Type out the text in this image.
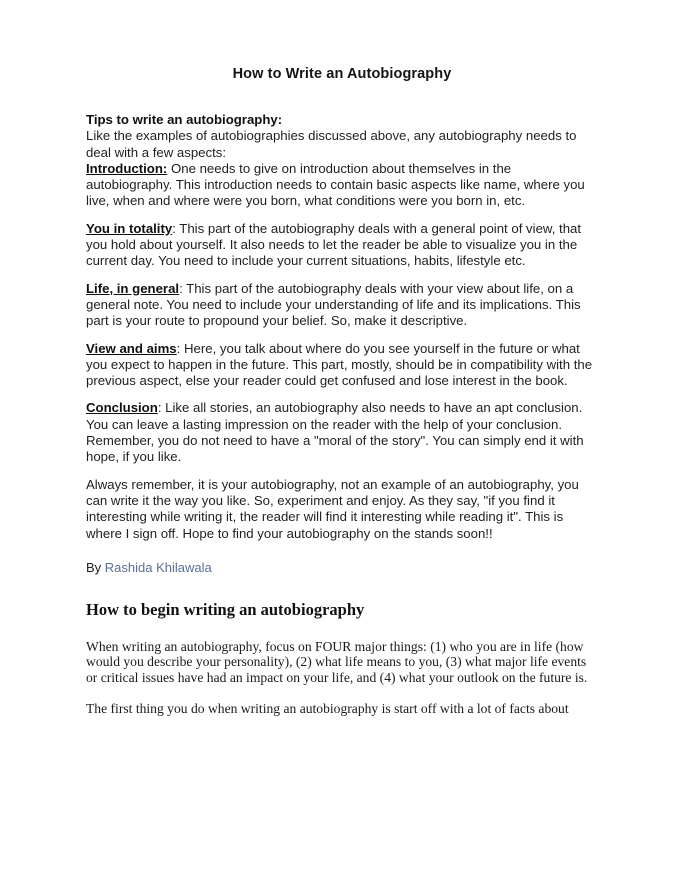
How to Write an Autobiography

Tips to write an autobiography:

Like the examples of autobiographies discussed above, any autobiography needs to deal with a few aspects:

Introduction: One needs to give on introduction about themselves in the autobiography. This introduction needs to contain basic aspects like name, where you live, when and where were you born, what conditions were you born in, etc.

You in totality: This part of the autobiography deals with a general point of view, that you hold about yourself. It also needs to let the reader be able to visualize you in the current day. You need to include your current situations, habits, lifestyle etc.

Life, in general: This part of the autobiography deals with your view about life, on a general note. You need to include your understanding of life and its implications. This part is your route to propound your belief. So, make it descriptive.

View and aims: Here, you talk about where do you see yourself in the future or what you expect to happen in the future. This part, mostly, should be in compatibility with the previous aspect, else your reader could get confused and lose interest in the book.

Conclusion: Like all stories, an autobiography also needs to have an apt conclusion. You can leave a lasting impression on the reader with the help of your conclusion. Remember, you do not need to have a "moral of the story". You can simply end it with hope, if you like.

Always remember, it is your autobiography, not an example of an autobiography, you can write it the way you like. So, experiment and enjoy. As they say, "if you find it interesting while writing it, the reader will find it interesting while reading it". This is where I sign off. Hope to find your autobiography on the stands soon!!

By Rashida Khilawala

How to begin writing an autobiography

When writing an autobiography, focus on FOUR major things: (1) who you are in life (how would you describe your personality), (2) what life means to you, (3) what major life events or critical issues have had an impact on your life, and (4) what your outlook on the future is.

The first thing you do when writing an autobiography is start off with a lot of facts about
